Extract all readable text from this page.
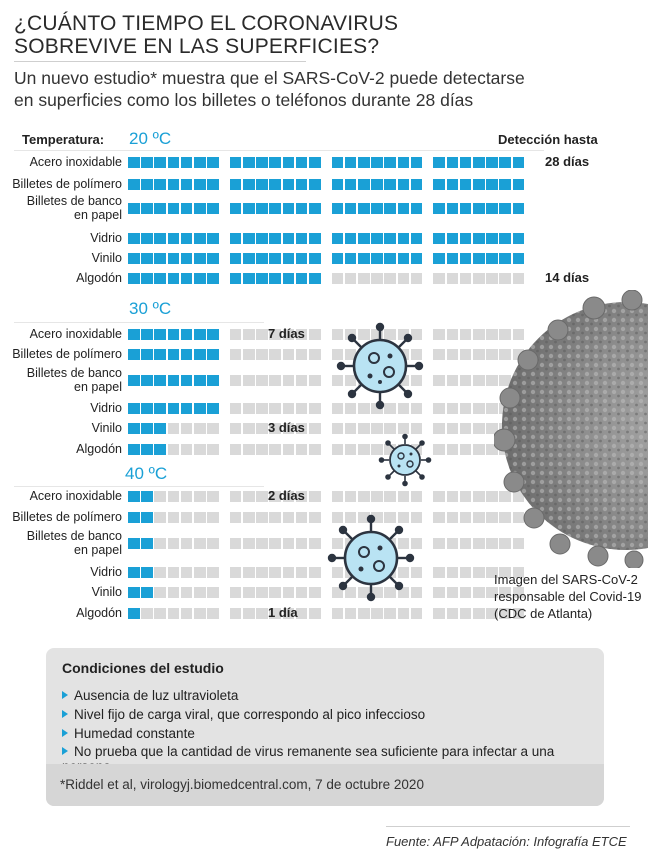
¿CUÁNTO TIEMPO EL CORONAVIRUS
SOBREVIVE EN LAS SUPERFICIES?
Un nuevo estudio* muestra que el SARS-CoV-2 puede detectarse
en superficies como los billetes o teléfonos durante 28 días
Temperatura:	Detección hasta
20 ºC
Acero inoxidable	28 días
Billetes de polímero
Billetes de banco
en papel
Vidrio
Vinilo
Algodón	14 días
30 ºC
Acero inoxidable	7 días
Billetes de polímero
Billetes de banco
en papel
Vidrio
Vinilo	3 días
Algodón
40 ºC
Acero inoxidable	2 días
Billetes de polímero
Billetes de banco
en papel
Vidrio
Vinilo
Algodón	1 día
Imagen del SARS-CoV-2
responsable del Covid-19
(CDC de Atlanta)
Condiciones del estudio
Ausencia de luz ultravioleta
Nivel fijo de carga viral, que correspondo al pico infeccioso
Humedad constante
No prueba que la cantidad de virus remanente sea suficiente para infectar a una
*Riddel et al, virologyj.biomedcentral.com, 7 de octubre 2020
Fuente: AFP Adpatación: Infografía ETCE
